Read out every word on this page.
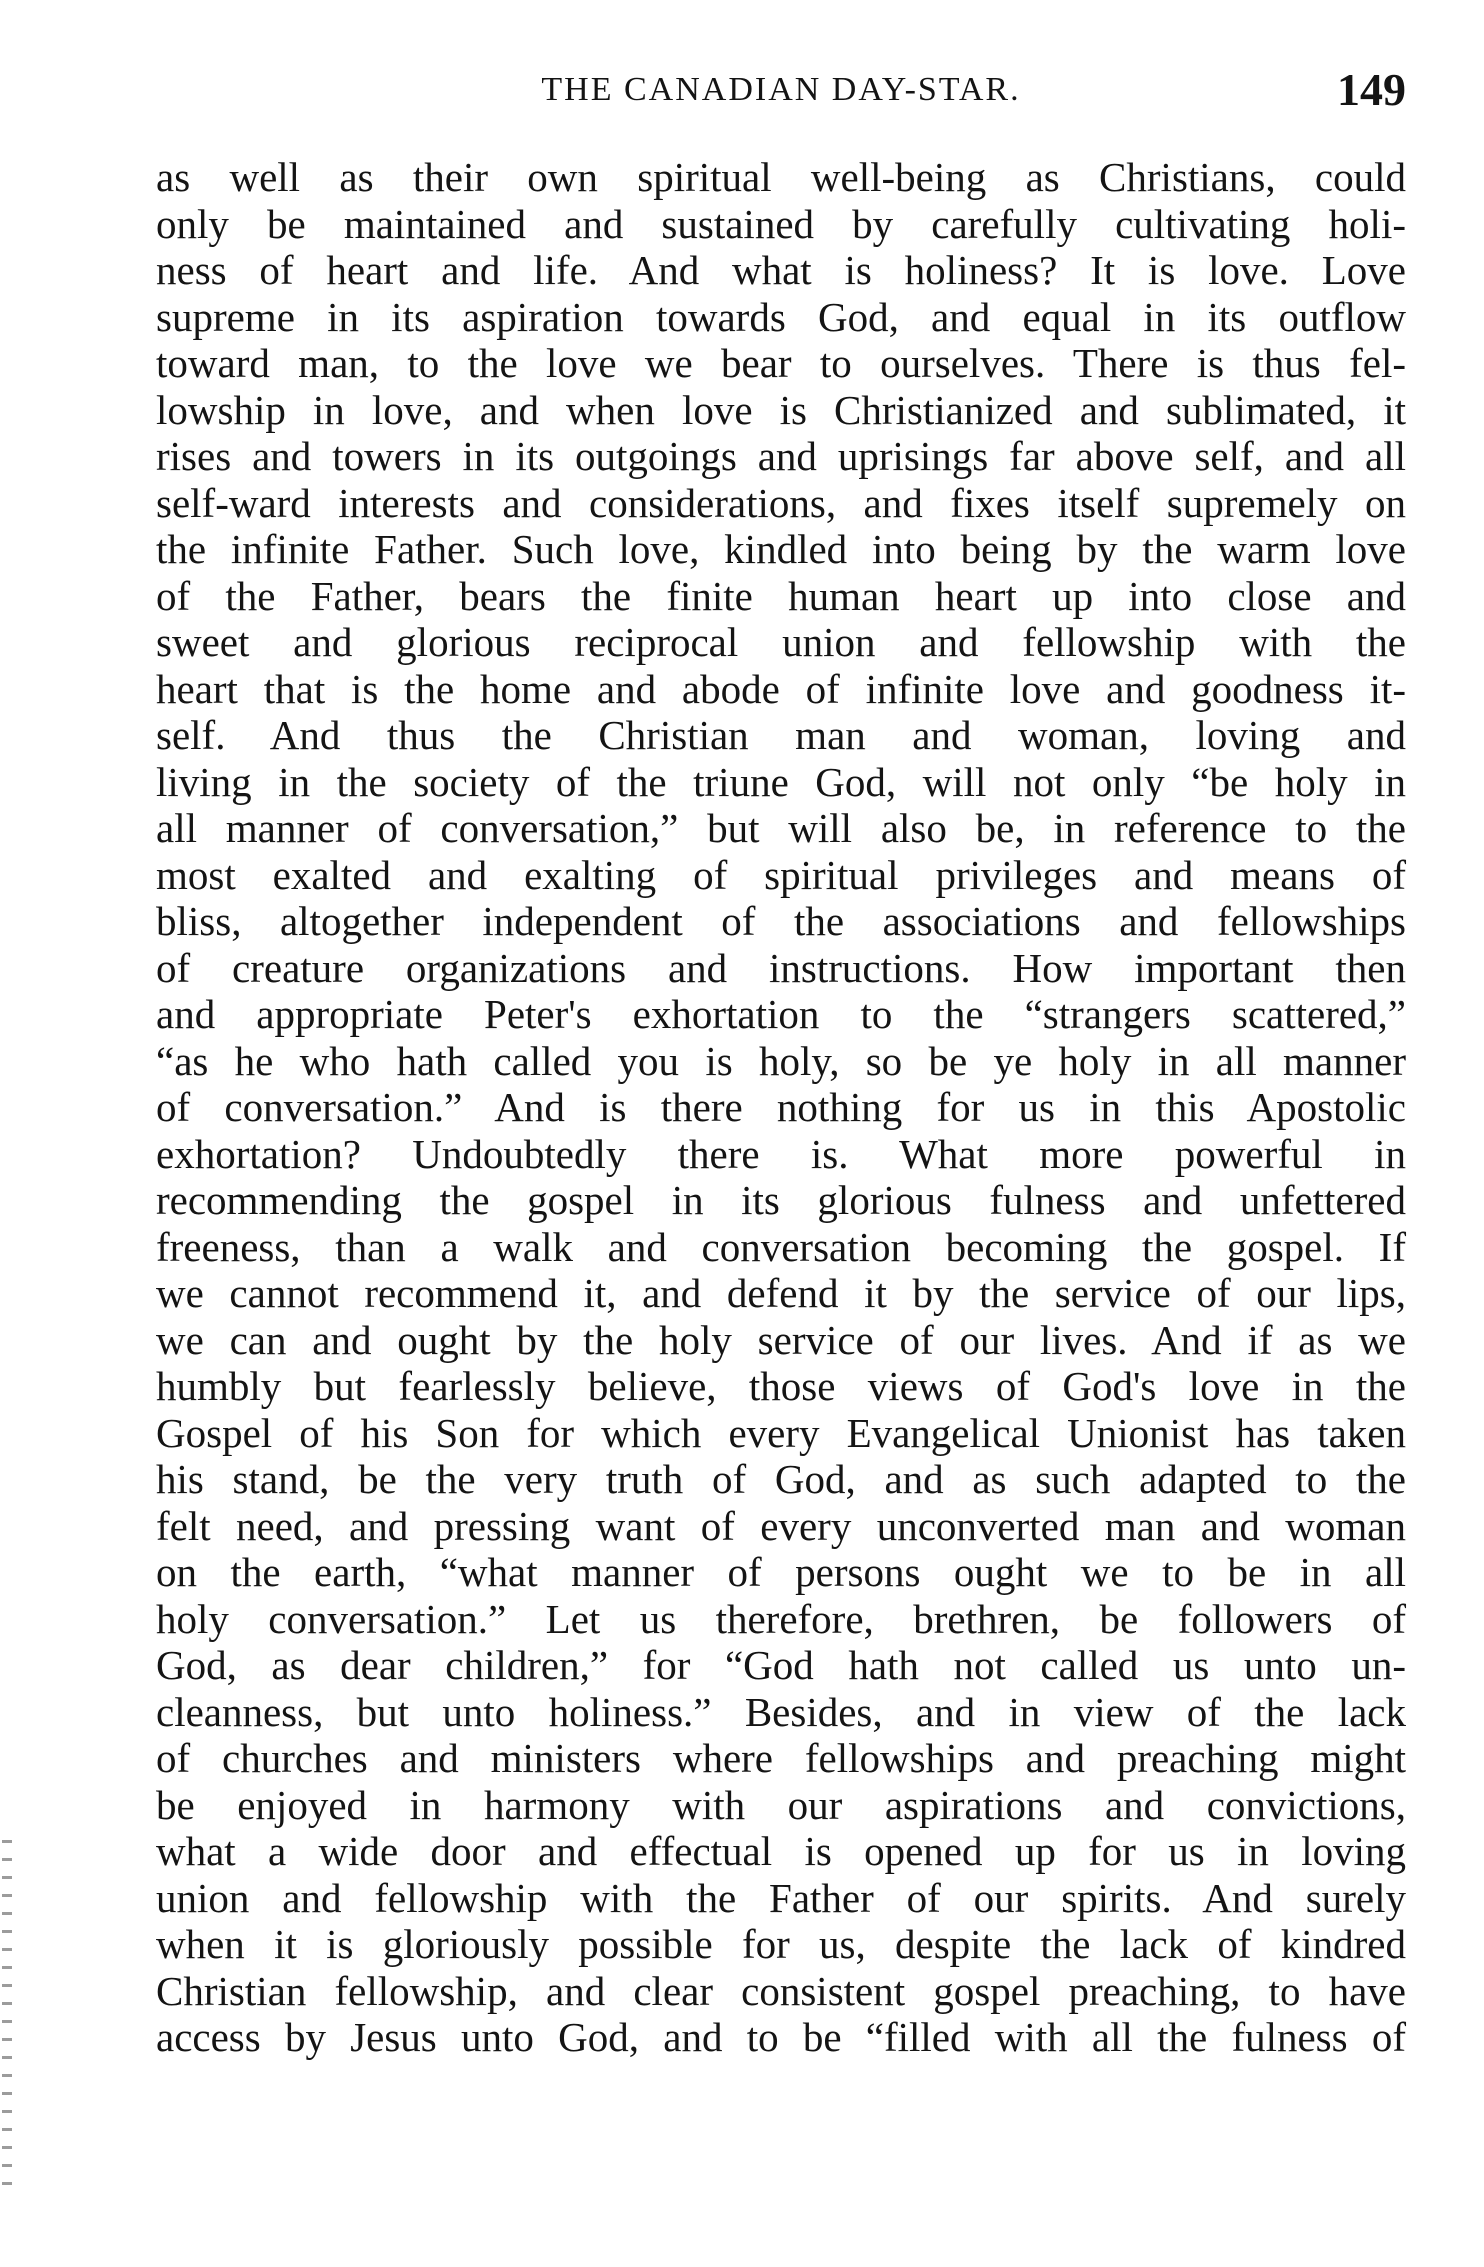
THE CANADIAN DAY-STAR.	149
as well as their own spiritual well-being as Christians, could
only be maintained and sustained by carefully cultivating holi-
ness of heart and life. And what is holiness? It is love. Love
supreme in its aspiration towards God, and equal in its outflow
toward man, to the love we bear to ourselves. There is thus fel-
lowship in love, and when love is Christianized and sublimated, it
rises and towers in its outgoings and uprisings far above self, and all
self-ward interests and considerations, and fixes itself supremely on
the infinite Father. Such love, kindled into being by the warm love
of the Father, bears the finite human heart up into close and
sweet and glorious reciprocal union and fellowship with the
heart that is the home and abode of infinite love and goodness it-
self. And thus the Christian man and woman, loving and
living in the society of the triune God, will not only “be holy in
all manner of conversation,” but will also be, in reference to the
most exalted and exalting of spiritual privileges and means of
bliss, altogether independent of the associations and fellowships
of creature organizations and instructions. How important then
and appropriate Peter's exhortation to the “strangers scattered,”
“as he who hath called you is holy, so be ye holy in all manner
of conversation.” And is there nothing for us in this Apostolic
exhortation? Undoubtedly there is. What more powerful in
recommending the gospel in its glorious fulness and unfettered
freeness, than a walk and conversation becoming the gospel. If
we cannot recommend it, and defend it by the service of our lips,
we can and ought by the holy service of our lives. And if as we
humbly but fearlessly believe, those views of God's love in the
Gospel of his Son for which every Evangelical Unionist has taken
his stand, be the very truth of God, and as such adapted to the
felt need, and pressing want of every unconverted man and woman
on the earth, “what manner of persons ought we to be in all
holy conversation.” Let us therefore, brethren, be followers of
God, as dear children,” for “God hath not called us unto un-
cleanness, but unto holiness.” Besides, and in view of the lack
of churches and ministers where fellowships and preaching might
be enjoyed in harmony with our aspirations and convictions,
what a wide door and effectual is opened up for us in loving
union and fellowship with the Father of our spirits. And surely
when it is gloriously possible for us, despite the lack of kindred
Christian fellowship, and clear consistent gospel preaching, to have
access by Jesus unto God, and to be “filled with all the fulness of
